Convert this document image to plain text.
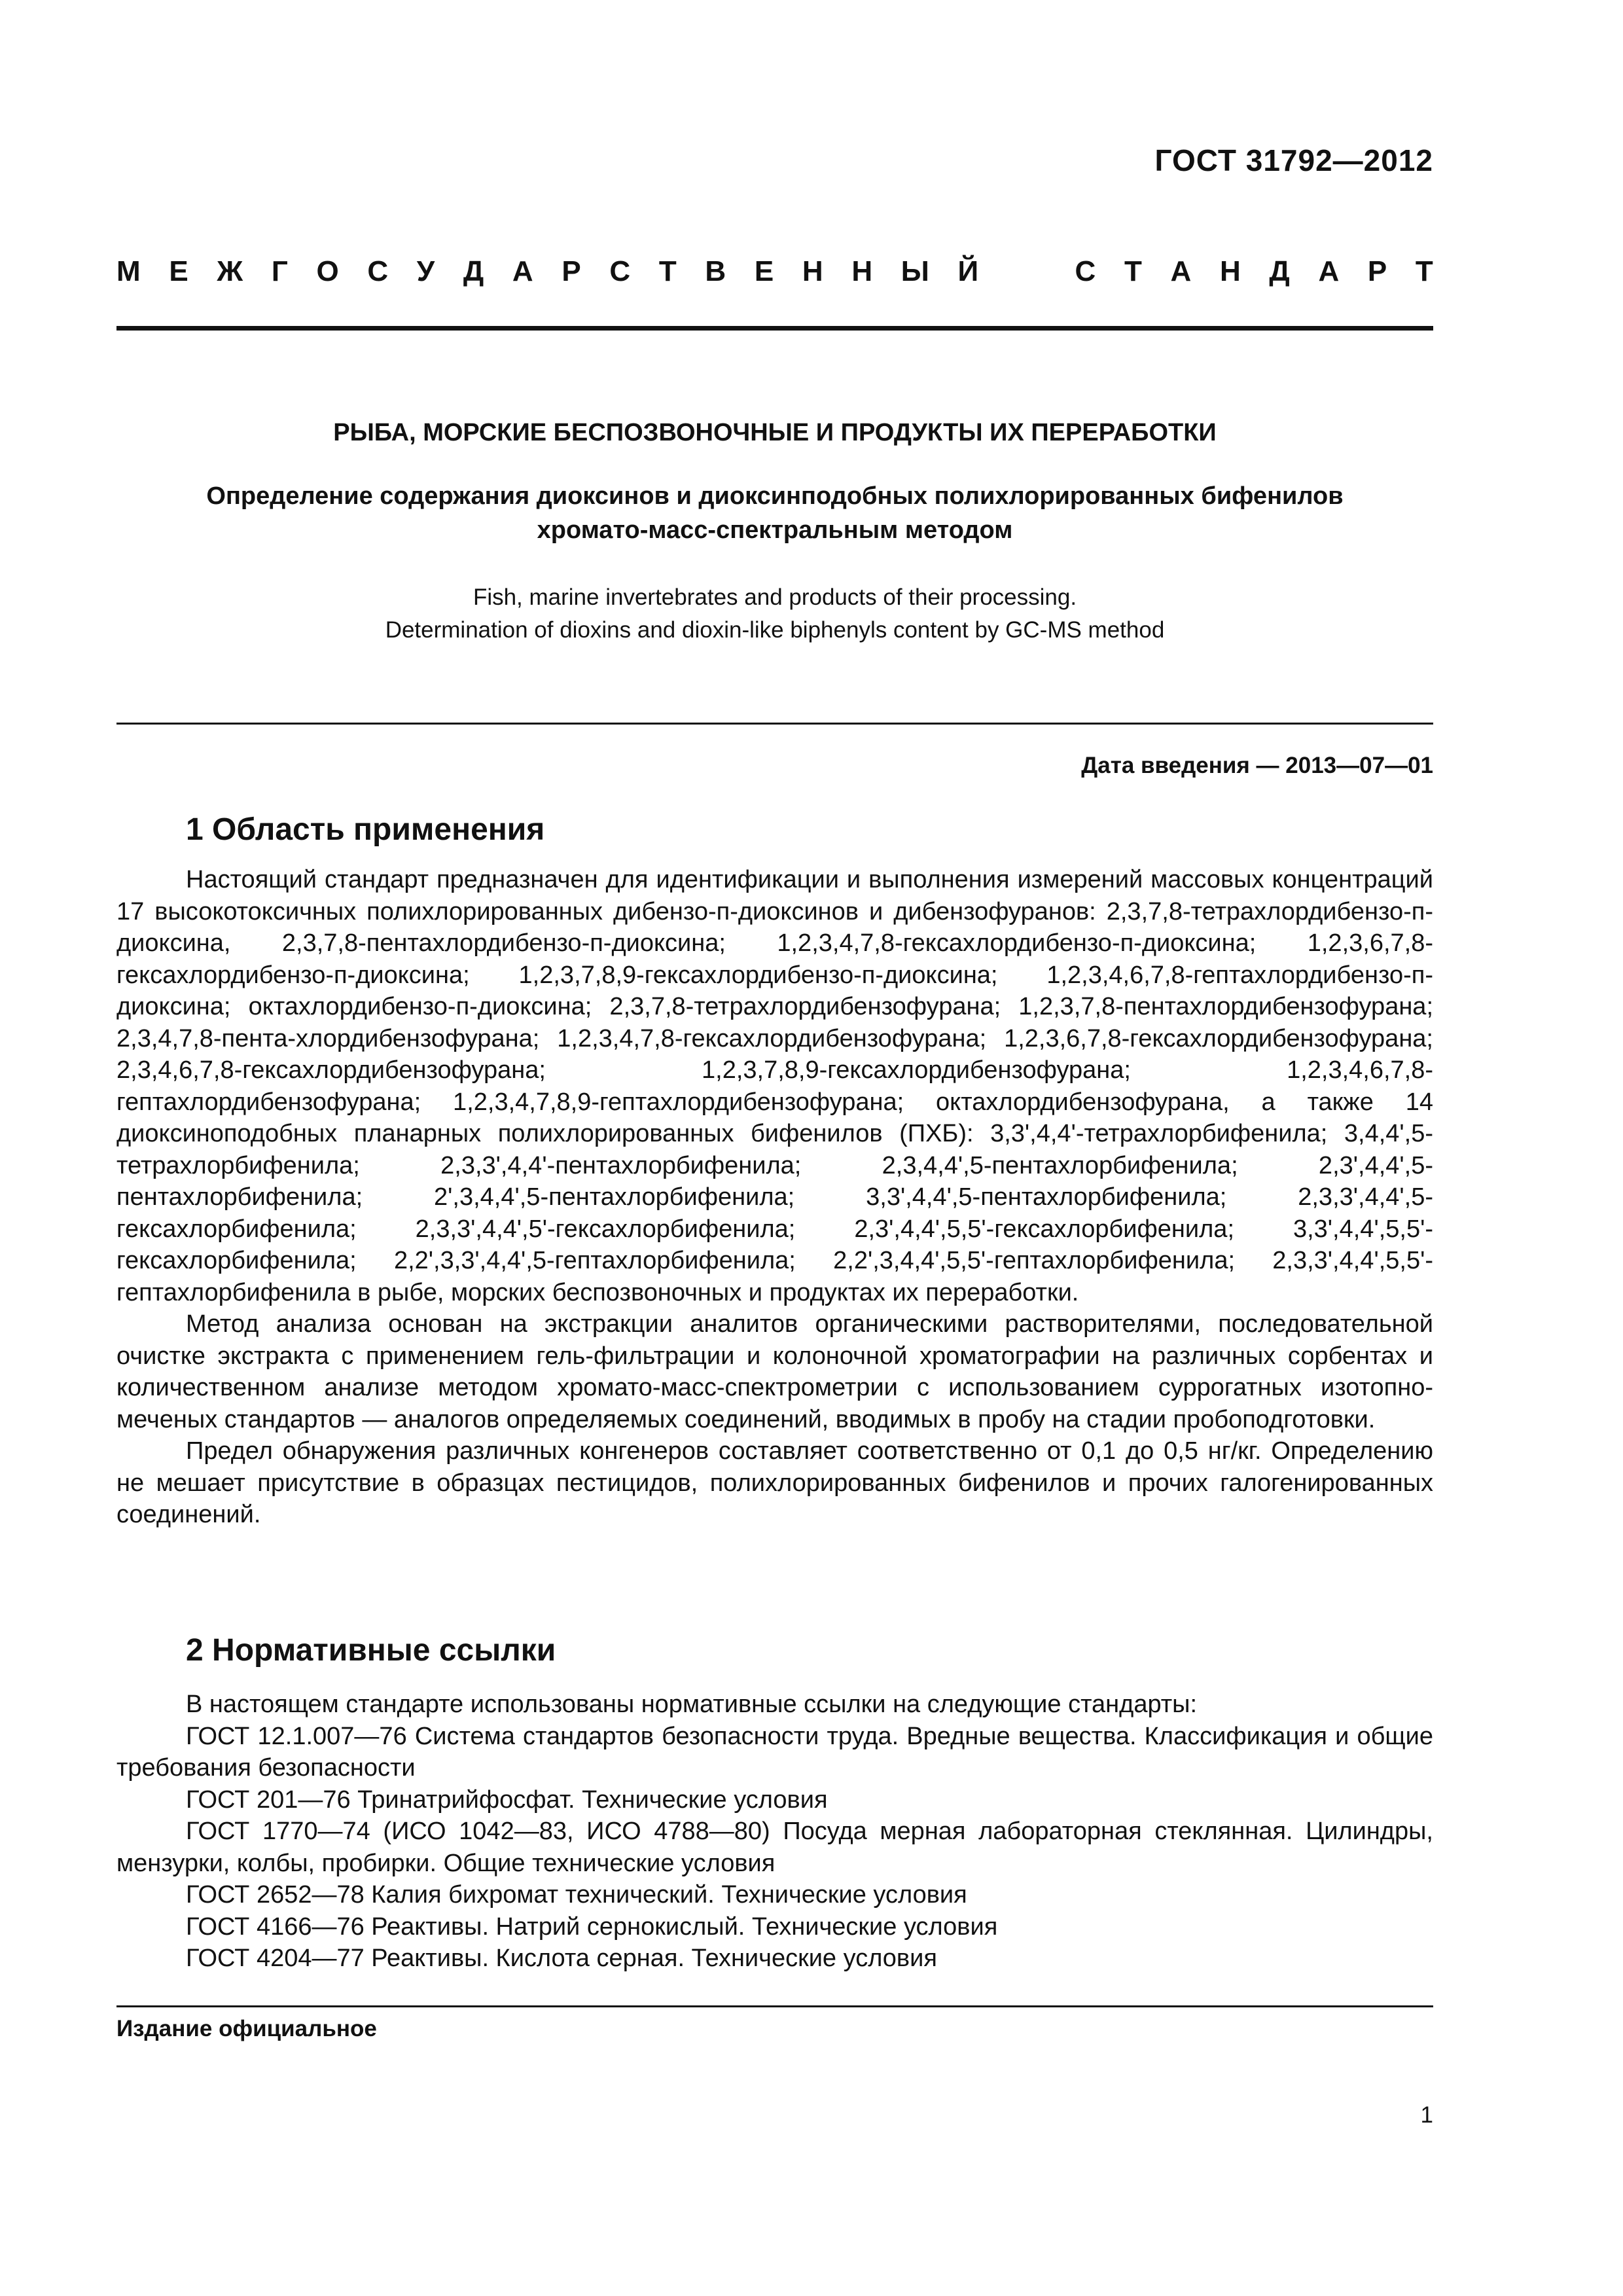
ГОСТ 31792—2012
М Е Ж Г О С У Д А Р С Т В Е Н Н Ы Й	С Т А Н Д А Р Т
РЫБА, МОРСКИЕ БЕСПОЗВОНОЧНЫЕ И ПРОДУКТЫ ИХ ПЕРЕРАБОТКИ
Определение содержания диоксинов и диоксинподобных полихлорированных бифенилов
хромато-масс-спектральным методом
Fish, marine invertebrates and products of their processing.
Determination of dioxins and dioxin-like biphenyls content by GC-MS method
Дата введения — 2013—07—01
1 Область применения

Настоящий стандарт предназначен для идентификации и выполнения измерений массовых концентраций 17 высокотоксичных полихлорированных дибензо-п-диоксинов и дибензофуранов: 2,3,7,8-тетрахлордибензо-п-диоксина, 2,3,7,8-пентахлордибензо-п-диоксина; 1,2,3,4,7,8-гексахлордибензо-п-диоксина; 1,2,3,6,7,8-гексахлордибензо-п-диоксина; 1,2,3,7,8,9-гексахлордибензо-п-диоксина; 1,2,3,4,6,7,8-гептахлордибензо-п-диоксина; октахлордибензо-п-диоксина; 2,3,7,8-тетрахлордибензофурана; 1,2,3,7,8-пентахлордибензофурана; 2,3,4,7,8-пента-хлордибензофурана; 1,2,3,4,7,8-гексахлордибензофурана; 1,2,3,6,7,8-гексахлордибензофурана; 2,3,4,6,7,8-гексахлордибензофурана; 1,2,3,7,8,9-гексахлордибензофурана; 1,2,3,4,6,7,8-гептахлордибензофурана; 1,2,3,4,7,8,9-гептахлордибензофурана; октахлордибензофурана, а также 14 диоксиноподобных планарных полихлорированных бифенилов (ПХБ): 3,3',4,4'-тетрахлорбифенила; 3,4,4',5-тетрахлорбифенила; 2,3,3',4,4'-пентахлорбифенила; 2,3,4,4',5-пентахлорбифенила; 2,3',4,4',5-пентахлорбифенила; 2',3,4,4',5-пентахлорбифенила; 3,3',4,4',5-пентахлорбифенила; 2,3,3',4,4',5-гексахлорбифенила; 2,3,3',4,4',5'-гексахлорбифенила; 2,3',4,4',5,5'-гексахлорбифенила; 3,3',4,4',5,5'-гексахлорбифенила; 2,2',3,3',4,4',5-гептахлорбифенила; 2,2',3,4,4',5,5'-гептахлорбифенила; 2,3,3',4,4',5,5'-гептахлорбифенила в рыбе, морских беспозвоночных и продуктах их переработки.

Метод анализа основан на экстракции аналитов органическими растворителями, последовательной очистке экстракта с применением гель-фильтрации и колоночной хроматографии на различных сорбентах и количественном анализе методом хромато-масс-спектрометрии с использованием суррогатных изотопно-меченых стандартов — аналогов определяемых соединений, вводимых в пробу на стадии пробоподготовки.

Предел обнаружения различных конгенеров составляет соответственно от 0,1 до 0,5 нг/кг. Определению не мешает присутствие в образцах пестицидов, полихлорированных бифенилов и прочих галогенированных соединений.

2 Нормативные ссылки

В настоящем стандарте использованы нормативные ссылки на следующие стандарты:

ГОСТ 12.1.007—76 Система стандартов безопасности труда. Вредные вещества. Классификация и общие требования безопасности

ГОСТ 201—76 Тринатрийфосфат. Технические условия

ГОСТ 1770—74 (ИСО 1042—83, ИСО 4788—80) Посуда мерная лабораторная стеклянная. Цилиндры, мензурки, колбы, пробирки. Общие технические условия

ГОСТ 2652—78 Калия бихромат технический. Технические условия

ГОСТ 4166—76 Реактивы. Натрий сернокислый. Технические условия

ГОСТ 4204—77 Реактивы. Кислота серная. Технические условия

Издание официальное
1
